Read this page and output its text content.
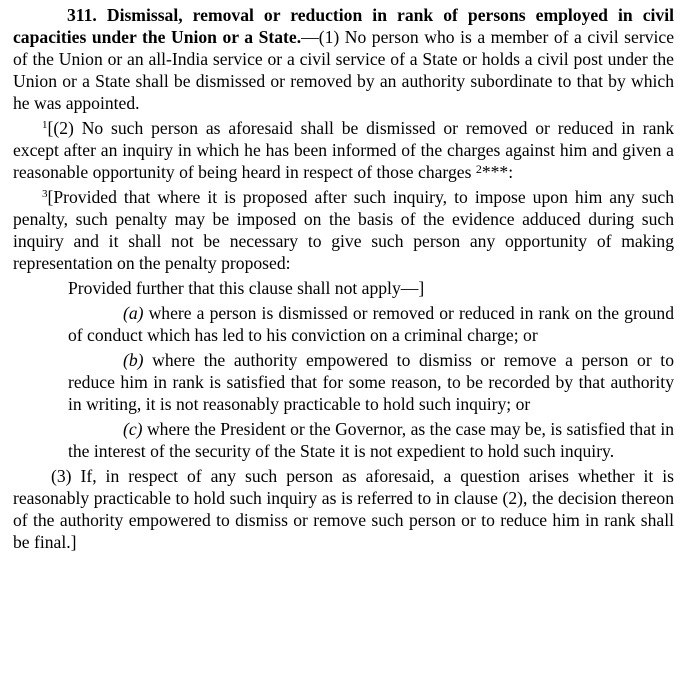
311. Dismissal, removal or reduction in rank of persons employed in civil capacities under the Union or a State.—(1) No person who is a member of a civil service of the Union or an all-India service or a civil service of a State or holds a civil post under the Union or a State shall be dismissed or removed by an authority subordinate to that by which he was appointed.

$^1$[(2) No such person as aforesaid shall be dismissed or removed or reduced in rank except after an inquiry in which he has been informed of the charges against him and given a reasonable opportunity of being heard in respect of those charges $^2$***:

$^3$[Provided that where it is proposed after such inquiry, to impose upon him any such penalty, such penalty may be imposed on the basis of the evidence adduced during such inquiry and it shall not be necessary to give such person any opportunity of making representation on the penalty proposed:

Provided further that this clause shall not apply—]

(a) where a person is dismissed or removed or reduced in rank on the ground of conduct which has led to his conviction on a criminal charge; or

(b) where the authority empowered to dismiss or remove a person or to reduce him in rank is satisfied that for some reason, to be recorded by that authority in writing, it is not reasonably practicable to hold such inquiry; or

(c) where the President or the Governor, as the case may be, is satisfied that in the interest of the security of the State it is not expedient to hold such inquiry.

(3) If, in respect of any such person as aforesaid, a question arises whether it is reasonably practicable to hold such inquiry as is referred to in clause (2), the decision thereon of the authority empowered to dismiss or remove such person or to reduce him in rank shall be final.]
